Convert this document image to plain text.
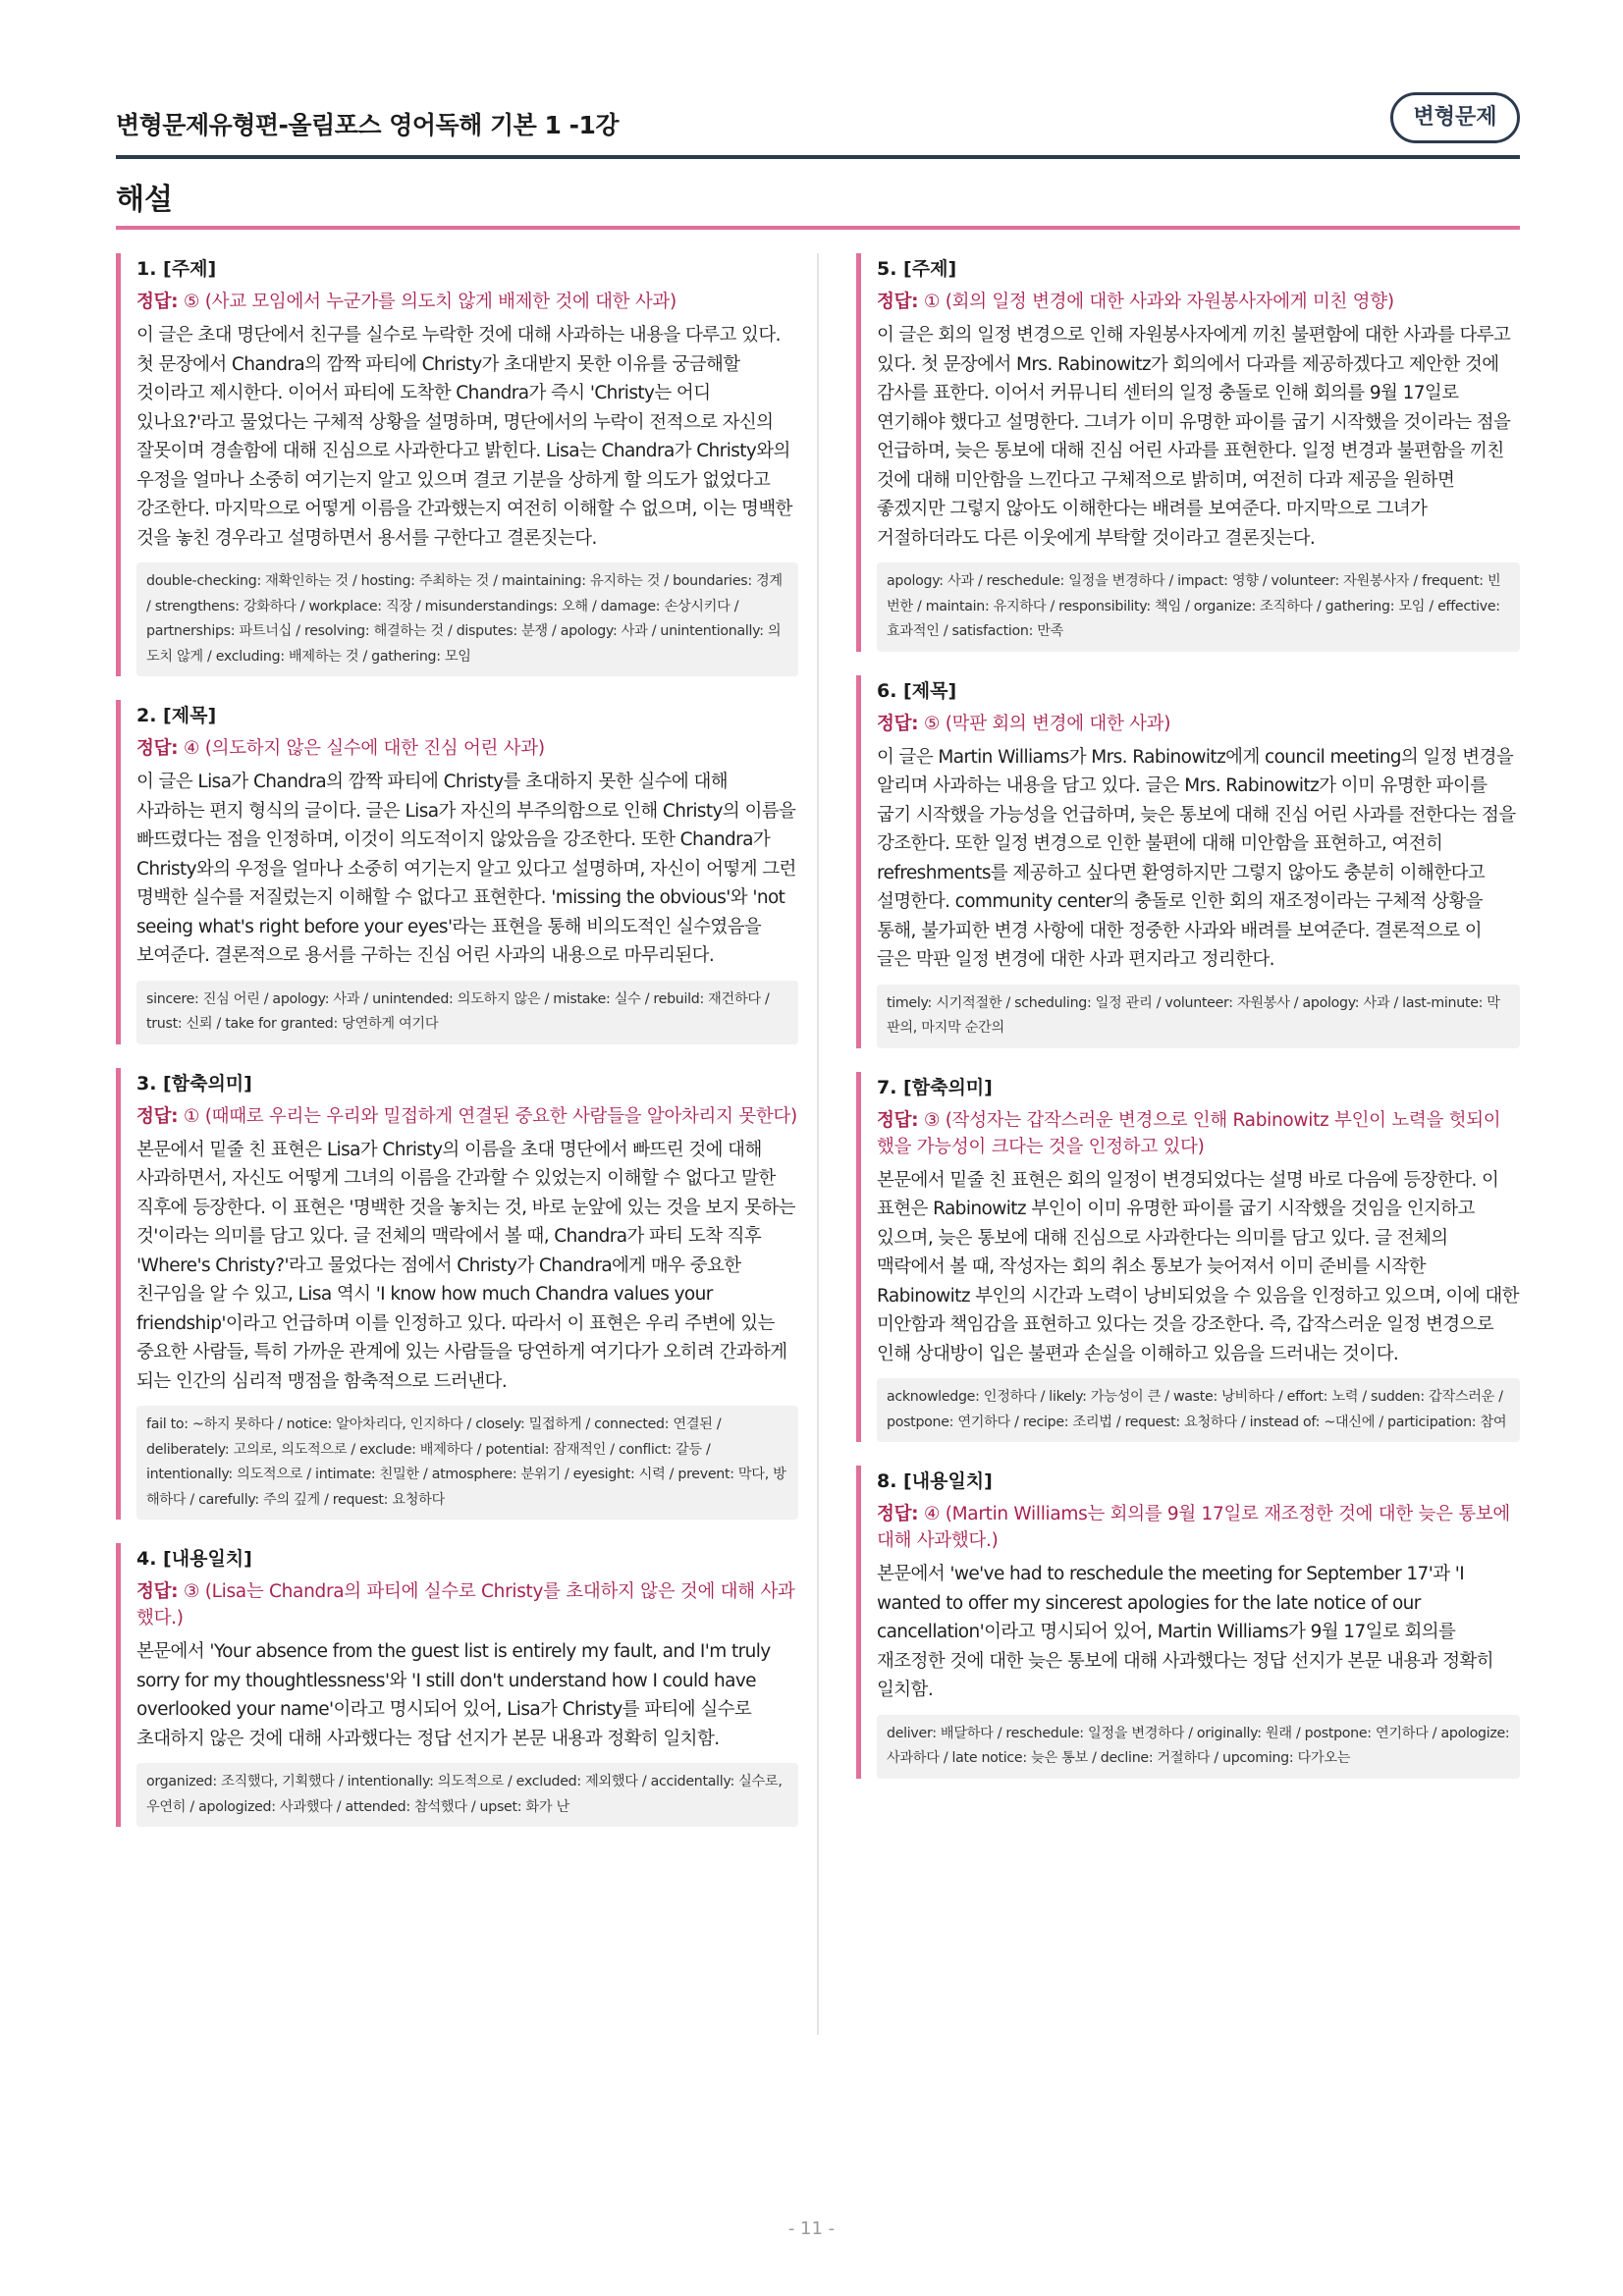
변형문제유형편-올림포스 영어독해 기본 1 -1강	변형문제
해설
1. [주제]
정답: ⑤ (사교 모임에서 누군가를 의도치 않게 배제한 것에 대한 사과)
이 글은 초대 명단에서 친구를 실수로 누락한 것에 대해 사과하는 내용을 다루고 있다. 첫 문장에서 Chandra의 깜짝 파티에 Christy가 초대받지 못한 이유를 궁금해할 것이라고 제시한다. 이어서 파티에 도착한 Chandra가 즉시 'Christy는 어디 있나요?'라고 물었다는 구체적 상황을 설명하며, 명단에서의 누락이 전적으로 자신의 잘못이며 경솔함에 대해 진심으로 사과한다고 밝힌다. Lisa는 Chandra가 Christy와의 우정을 얼마나 소중히 여기는지 알고 있으며 결코 기분을 상하게 할 의도가 없었다고 강조한다. 마지막으로 어떻게 이름을 간과했는지 여전히 이해할 수 없으며, 이는 명백한 것을 놓친 경우라고 설명하면서 용서를 구한다고 결론짓는다.
double-checking: 재확인하는 것 / hosting: 주최하는 것 / maintaining: 유지하는 것 / boundaries: 경계 / strengthens: 강화하다 / workplace: 직장 / misunderstandings: 오해 / damage: 손상시키다 / partnerships: 파트너십 / resolving: 해결하는 것 / disputes: 분쟁 / apology: 사과 / unintentionally: 의도치 않게 / excluding: 배제하는 것 / gathering: 모임
2. [제목]
정답: ④ (의도하지 않은 실수에 대한 진심 어린 사과)
이 글은 Lisa가 Chandra의 깜짝 파티에 Christy를 초대하지 못한 실수에 대해 사과하는 편지 형식의 글이다. 글은 Lisa가 자신의 부주의함으로 인해 Christy의 이름을 빠뜨렸다는 점을 인정하며, 이것이 의도적이지 않았음을 강조한다. 또한 Chandra가 Christy와의 우정을 얼마나 소중히 여기는지 알고 있다고 설명하며, 자신이 어떻게 그런 명백한 실수를 저질렀는지 이해할 수 없다고 표현한다. 'missing the obvious'와 'not seeing what's right before your eyes'라는 표현을 통해 비의도적인 실수였음을 보여준다. 결론적으로 용서를 구하는 진심 어린 사과의 내용으로 마무리된다.
sincere: 진심 어린 / apology: 사과 / unintended: 의도하지 않은 / mistake: 실수 / rebuild: 재건하다 / trust: 신뢰 / take for granted: 당연하게 여기다
3. [함축의미]
정답: ① (때때로 우리는 우리와 밀접하게 연결된 중요한 사람들을 알아차리지 못한다)
본문에서 밑줄 친 표현은 Lisa가 Christy의 이름을 초대 명단에서 빠뜨린 것에 대해 사과하면서, 자신도 어떻게 그녀의 이름을 간과할 수 있었는지 이해할 수 없다고 말한 직후에 등장한다. 이 표현은 '명백한 것을 놓치는 것, 바로 눈앞에 있는 것을 보지 못하는 것'이라는 의미를 담고 있다. 글 전체의 맥락에서 볼 때, Chandra가 파티 도착 직후 'Where's Christy?'라고 물었다는 점에서 Christy가 Chandra에게 매우 중요한 친구임을 알 수 있고, Lisa 역시 'I know how much Chandra values your friendship'이라고 언급하며 이를 인정하고 있다. 따라서 이 표현은 우리 주변에 있는 중요한 사람들, 특히 가까운 관계에 있는 사람들을 당연하게 여기다가 오히려 간과하게 되는 인간의 심리적 맹점을 함축적으로 드러낸다.
fail to: ~하지 못하다 / notice: 알아차리다, 인지하다 / closely: 밀접하게 / connected: 연결된 / deliberately: 고의로, 의도적으로 / exclude: 배제하다 / potential: 잠재적인 / conflict: 갈등 / intentionally: 의도적으로 / intimate: 친밀한 / atmosphere: 분위기 / eyesight: 시력 / prevent: 막다, 방해하다 / carefully: 주의 깊게 / request: 요청하다
4. [내용일치]
정답: ③ (Lisa는 Chandra의 파티에 실수로 Christy를 초대하지 않은 것에 대해 사과했다.)
본문에서 'Your absence from the guest list is entirely my fault, and I'm truly sorry for my thoughtlessness'와 'I still don't understand how I could have overlooked your name'이라고 명시되어 있어, Lisa가 Christy를 파티에 실수로 초대하지 않은 것에 대해 사과했다는 정답 선지가 본문 내용과 정확히 일치함.
organized: 조직했다, 기획했다 / intentionally: 의도적으로 / excluded: 제외했다 / accidentally: 실수로, 우연히 / apologized: 사과했다 / attended: 참석했다 / upset: 화가 난
5. [주제]
정답: ① (회의 일정 변경에 대한 사과와 자원봉사자에게 미친 영향)
이 글은 회의 일정 변경으로 인해 자원봉사자에게 끼친 불편함에 대한 사과를 다루고 있다. 첫 문장에서 Mrs. Rabinowitz가 회의에서 다과를 제공하겠다고 제안한 것에 감사를 표한다. 이어서 커뮤니티 센터의 일정 충돌로 인해 회의를 9월 17일로 연기해야 했다고 설명한다. 그녀가 이미 유명한 파이를 굽기 시작했을 것이라는 점을 언급하며, 늦은 통보에 대해 진심 어린 사과를 표현한다. 일정 변경과 불편함을 끼친 것에 대해 미안함을 느낀다고 구체적으로 밝히며, 여전히 다과 제공을 원하면 좋겠지만 그렇지 않아도 이해한다는 배려를 보여준다. 마지막으로 그녀가 거절하더라도 다른 이웃에게 부탁할 것이라고 결론짓는다.
apology: 사과 / reschedule: 일정을 변경하다 / impact: 영향 / volunteer: 자원봉사자 / frequent: 빈번한 / maintain: 유지하다 / responsibility: 책임 / organize: 조직하다 / gathering: 모임 / effective: 효과적인 / satisfaction: 만족
6. [제목]
정답: ⑤ (막판 회의 변경에 대한 사과)
이 글은 Martin Williams가 Mrs. Rabinowitz에게 council meeting의 일정 변경을 알리며 사과하는 내용을 담고 있다. 글은 Mrs. Rabinowitz가 이미 유명한 파이를 굽기 시작했을 가능성을 언급하며, 늦은 통보에 대해 진심 어린 사과를 전한다는 점을 강조한다. 또한 일정 변경으로 인한 불편에 대해 미안함을 표현하고, 여전히 refreshments를 제공하고 싶다면 환영하지만 그렇지 않아도 충분히 이해한다고 설명한다. community center의 충돌로 인한 회의 재조정이라는 구체적 상황을 통해, 불가피한 변경 사항에 대한 정중한 사과와 배려를 보여준다. 결론적으로 이 글은 막판 일정 변경에 대한 사과 편지라고 정리한다.
timely: 시기적절한 / scheduling: 일정 관리 / volunteer: 자원봉사 / apology: 사과 / last-minute: 막판의, 마지막 순간의
7. [함축의미]
정답: ③ (작성자는 갑작스러운 변경으로 인해 Rabinowitz 부인이 노력을 헛되이 했을 가능성이 크다는 것을 인정하고 있다)
본문에서 밑줄 친 표현은 회의 일정이 변경되었다는 설명 바로 다음에 등장한다. 이 표현은 Rabinowitz 부인이 이미 유명한 파이를 굽기 시작했을 것임을 인지하고 있으며, 늦은 통보에 대해 진심으로 사과한다는 의미를 담고 있다. 글 전체의 맥락에서 볼 때, 작성자는 회의 취소 통보가 늦어져서 이미 준비를 시작한 Rabinowitz 부인의 시간과 노력이 낭비되었을 수 있음을 인정하고 있으며, 이에 대한 미안함과 책임감을 표현하고 있다는 것을 강조한다. 즉, 갑작스러운 일정 변경으로 인해 상대방이 입은 불편과 손실을 이해하고 있음을 드러내는 것이다.
acknowledge: 인정하다 / likely: 가능성이 큰 / waste: 낭비하다 / effort: 노력 / sudden: 갑작스러운 / postpone: 연기하다 / recipe: 조리법 / request: 요청하다 / instead of: ~대신에 / participation: 참여
8. [내용일치]
정답: ④ (Martin Williams는 회의를 9월 17일로 재조정한 것에 대한 늦은 통보에 대해 사과했다.)
본문에서 'we've had to reschedule the meeting for September 17'과 'I wanted to offer my sincerest apologies for the late notice of our cancellation'이라고 명시되어 있어, Martin Williams가 9월 17일로 회의를 재조정한 것에 대한 늦은 통보에 대해 사과했다는 정답 선지가 본문 내용과 정확히 일치함.
deliver: 배달하다 / reschedule: 일정을 변경하다 / originally: 원래 / postpone: 연기하다 / apologize: 사과하다 / late notice: 늦은 통보 / decline: 거절하다 / upcoming: 다가오는
- 11 -
